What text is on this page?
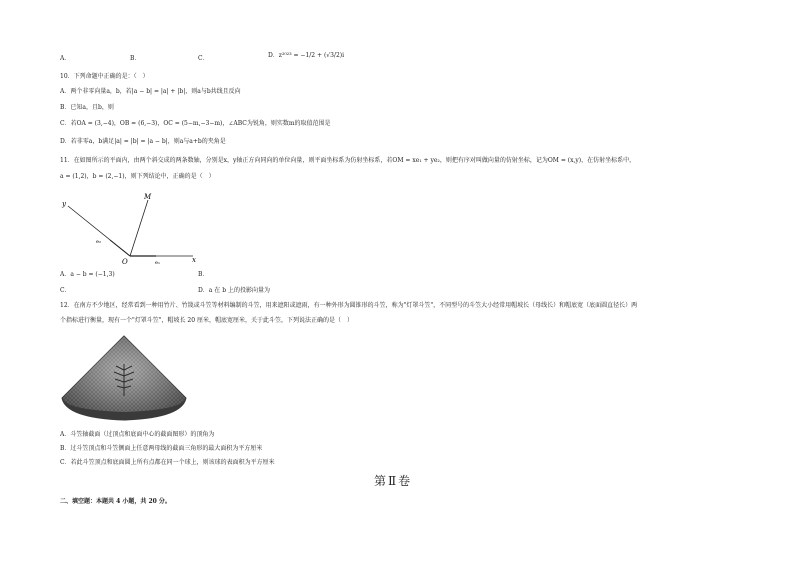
A．	B．	C．	D．z²⁰²³ = −1/2 + (√3/2)i
10．下列命题中正确的是：（　）
A．两个非零向量a，b，若|a − b| = |a| + |b|，则a与b共线且反向
B．已知a，且b，则
C．若OA = (3,−4)，OB = (6,−3)，OC = (5−m,−3−m)，∠ABC为锐角，则实数m的取值范围是
D．若非零a，b满足|a| = |b| = |a − b|，则a与a+b的夹角是
11．在如图所示的平面内，由两个斜交成的两条数轴，分别是x，y轴正方向同向的单位向量，则平面坐标系为仿射坐标系，若OM = xe₁ + ye₂，则把有序对叫做向量的仿射坐标，记为OM = (x,y)，在仿射坐标系中，
a = (1,2)，b = (2,−1)，则下列结论中，正确的是（　）
y
M
O	x
e₁
e₂
A．a − b = (−1,3)	B．
C．	D．a 在 b 上的投影向量为
12．在南方不少地区，经常看到一种用竹片、竹篾或斗笠等材料编制的斗笠，用来遮阳或遮雨，有一种外形为圆锥形的斗笠，称为"灯罩斗笠"，不同型号的斗笠大小经常用帽坡长（母线长）和帽底宽（底面圆直径长）两
个指标进行衡量，现有一个"灯罩斗笠"，帽坡长 20 厘米，帽底宽厘米，关于此斗笠，下列说法正确的是（　）
A．斗笠轴截面（过顶点和底面中心的截面图形）的顶角为
B．过斗笠顶点和斗笠侧面上任意两母线的截面三角形的最大面积为平方厘米
C．若此斗笠顶点和底面圆上所有点都在同一个球上，则该球的表面积为平方厘米
第Ⅱ卷
二、填空题：本题共 4 小题，共 20 分。
